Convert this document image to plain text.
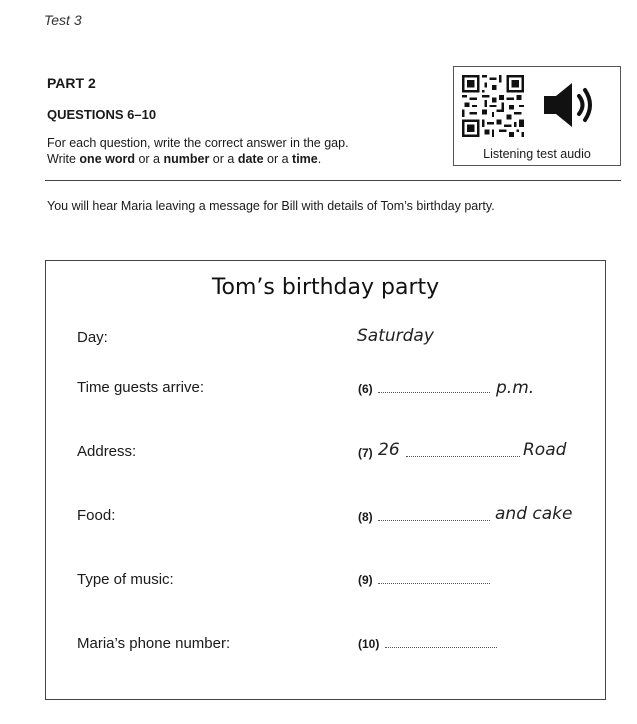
Test 3
PART 2
QUESTIONS 6–10
For each question, write the correct answer in the gap.
Write one word or a number or a date or a time.	Listening test audio
You will hear Maria leaving a message for Bill with details of Tom’s birthday party.
Tom’s birthday party
Day:	Saturday
Time guests arrive:	(6)	p.m.
Address:	(7) 26	Road
Food:	(8)	and cake
Type of music:	(9)
Maria’s phone number:	(10)
